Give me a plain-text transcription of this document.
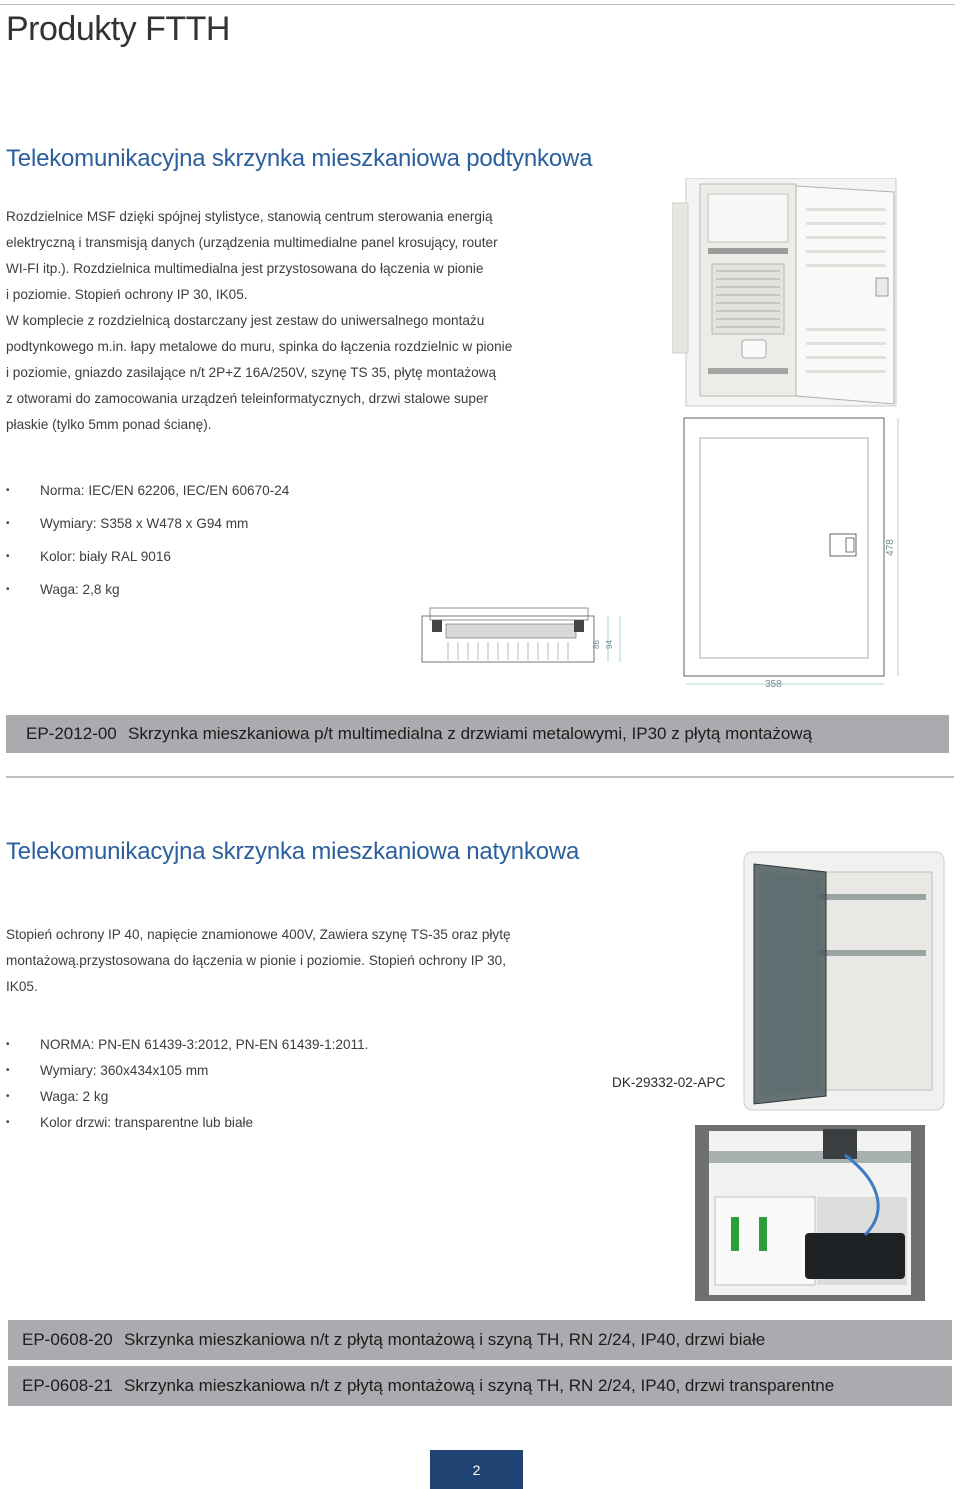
Produkty FTTH
Telekomunikacyjna skrzynka mieszkaniowa podtynkowa

Rozdzielnice MSF dzięki spójnej stylistyce, stanowią centrum sterowania energią

elektryczną i transmisją danych (urządzenia multimedialne panel krosujący, router

WI-FI itp.). Rozdzielnica multimedialna jest przystosowana do łączenia w pionie

i poziomie. Stopień ochrony IP 30, IK05.

W komplecie z rozdzielnicą dostarczany jest zestaw do uniwersalnego montażu

podtynkowego m.in. łapy metalowe do muru, spinka do łączenia rozdzielnic w pionie

i poziomie, gniazdo zasilające n/t 2P+Z 16A/250V, szynę TS 35, płytę montażową

z otworami do zamocowania urządzeń teleinformatycznych, drzwi stalowe super

płaskie (tylko 5mm ponad ścianę).

• Norma: IEC/EN 62206, IEC/EN 60670-24
• Wymiary: S358 x W478 x G94 mm
• Kolor: biały RAL 9016
• Waga: 2,8 kg
358
478
86 94
EP-2012-00 Skrzynka mieszkaniowa p/t multimedialna z drzwiami metalowymi, IP30 z płytą montażową
Telekomunikacyjna skrzynka mieszkaniowa natynkowa

Stopień ochrony IP 40, napięcie znamionowe 400V, Zawiera szynę TS-35 oraz płytę

montażową.przystosowana do łączenia w pionie i poziomie. Stopień ochrony IP 30,

IK05.

• NORMA: PN-EN 61439-3:2012, PN-EN 61439-1:2011.
• Wymiary: 360x434x105 mm
• Waga: 2 kg
• Kolor drzwi: transparentne lub białe
DK-29332-02-APC
EP-0608-20 Skrzynka mieszkaniowa n/t z płytą montażową i szyną TH, RN 2/24, IP40, drzwi białe
EP-0608-21 Skrzynka mieszkaniowa n/t z płytą montażową i szyną TH, RN 2/24, IP40, drzwi transparentne
2
